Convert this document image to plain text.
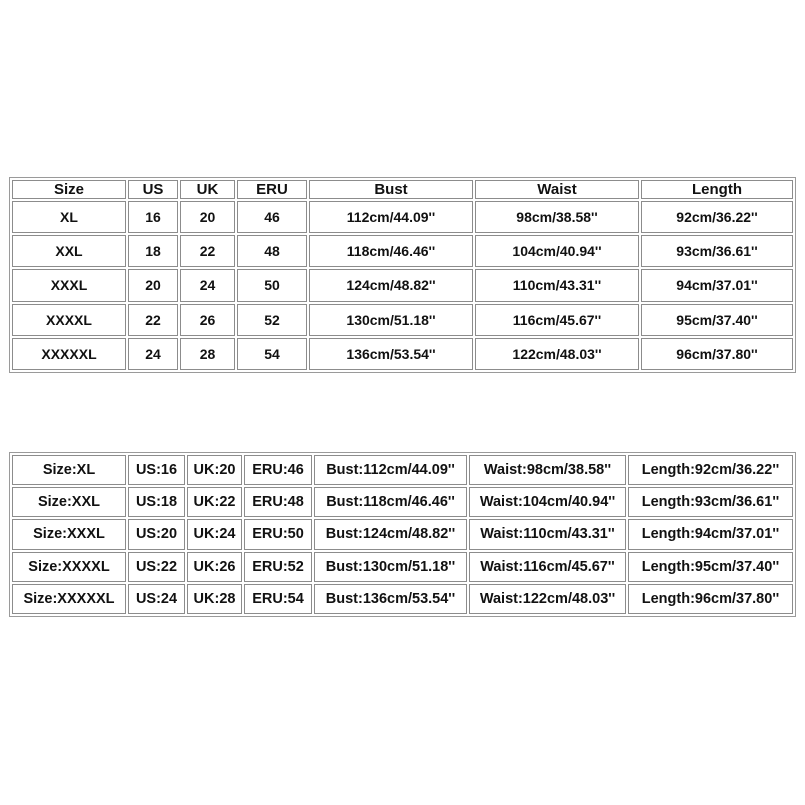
Size	US	UK	ERU	Bust	Waist	Length
XL	16	20	46	112cm/44.09''	98cm/38.58''	92cm/36.22''
XXL	18	22	48	118cm/46.46''	104cm/40.94''	93cm/36.61''
XXXL	20	24	50	124cm/48.82''	110cm/43.31''	94cm/37.01''
XXXXL	22	26	52	130cm/51.18''	116cm/45.67''	95cm/37.40''
XXXXXL	24	28	54	136cm/53.54''	122cm/48.03''	96cm/37.80''
Size:XL	US:16	UK:20	ERU:46	Bust:112cm/44.09''	Waist:98cm/38.58''	Length:92cm/36.22''
Size:XXL	US:18	UK:22	ERU:48	Bust:118cm/46.46''	Waist:104cm/40.94''	Length:93cm/36.61''
Size:XXXL	US:20	UK:24	ERU:50	Bust:124cm/48.82''	Waist:110cm/43.31''	Length:94cm/37.01''
Size:XXXXL	US:22	UK:26	ERU:52	Bust:130cm/51.18''	Waist:116cm/45.67''	Length:95cm/37.40''
Size:XXXXXL	US:24	UK:28	ERU:54	Bust:136cm/53.54''	Waist:122cm/48.03''	Length:96cm/37.80''
